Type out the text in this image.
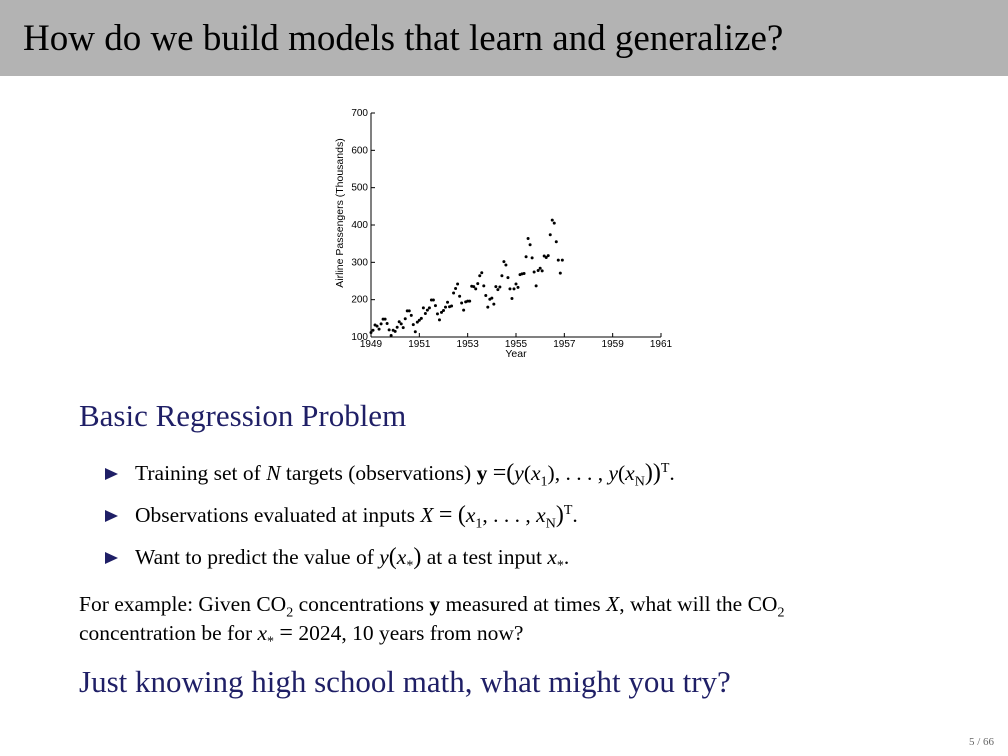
How do we build models that learn and generalize?
100
200
300
400
500
600
700
1949	1951	1953	1955	1957	1959	1961
Year
Airline Passengers (Thousands)
Basic Regression Problem
Training set of N targets (observations) $y =(y(x_1)$, . . . , $y(x_N))^T$.
Observations evaluated at inputs $X = (x_1$, . . . , $x_N)^T$.
Want to predict the value of $y(x_*)$ at a test input $x_*$.
For example: Given $CO_2$ concentrations y measured at times X, what will the $CO_2$
concentration be for $x_* = 2024$, 10 years from now?
Just knowing high school math, what might you try?
5 / 66
